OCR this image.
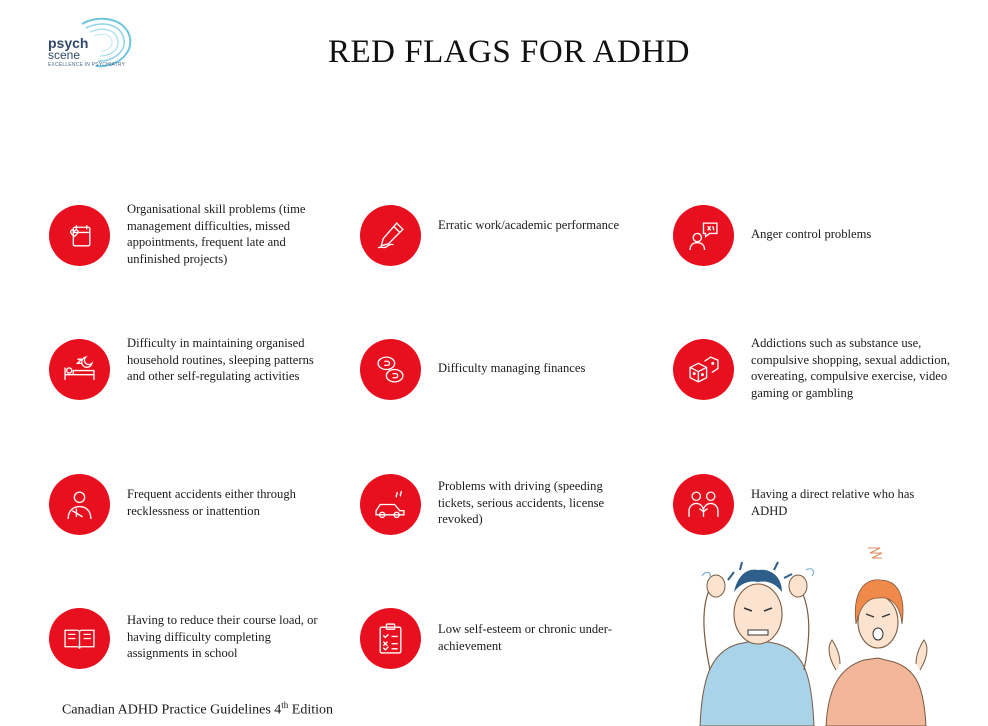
psych
scene
EXCELLENCE IN PSYCHIATRY	RED FLAGS FOR ADHD
Organisational skill problems (time management difficulties, missed appointments, frequent late and unfinished projects)
Erratic work/academic performance
Anger control problems
Difficulty in maintaining organised household routines, sleeping patterns and other self-regulating activities
Difficulty managing finances
Addictions such as substance use, compulsive shopping, sexual addiction, overeating, compulsive exercise, video gaming or gambling
Frequent accidents either through recklessness or inattention
Problems with driving (speeding tickets, serious accidents, license revoked)
Having a direct relative who has ADHD
Having to reduce their course load, or having difficulty completing assignments in school
Low self-esteem or chronic under-achievement
Canadian ADHD Practice Guidelines 4th Edition
